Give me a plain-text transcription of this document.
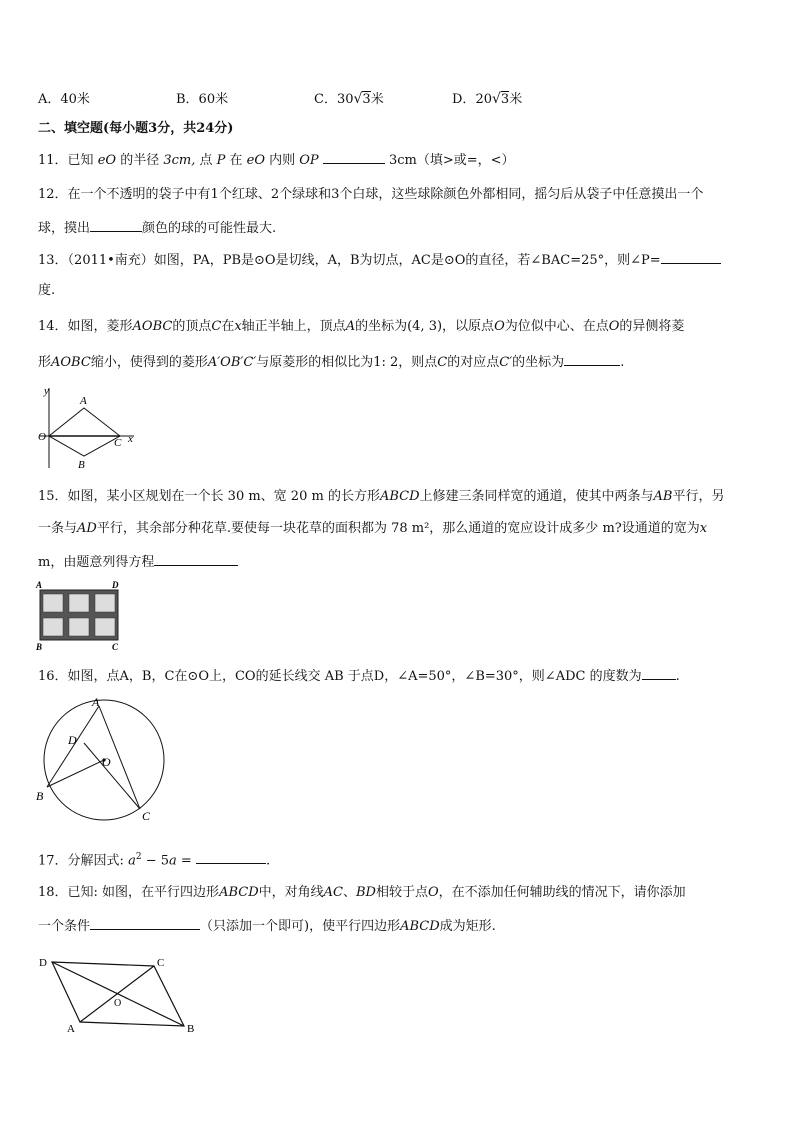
A．40米	B．60米	C．30√3米	D．20√3米
二、填空题(每小题3分，共24分)
11．已知 eO 的半径 3cm, 点 P 在 eO 内则 OP	3cm（填>或=，<）
12．在一个不透明的袋子中有1个红球、2个绿球和3个白球，这些球除颜色外都相同，摇匀后从袋子中任意摸出一个
球，摸出	颜色的球的可能性最大.
13．（2011•南充）如图，PA，PB是⊙O是切线，A，B为切点，AC是⊙O的直径，若∠BAC=25°，则∠P=
度.
14．如图，菱形AOBC的顶点C在x轴正半轴上，顶点A的坐标为(4, 3)，以原点O为位似中心、在点O的异侧将菱
形AOBC缩小，使得到的菱形A′OB′C′与原菱形的相似比为1: 2，则点C的对应点C′的坐标为	.
y
A
O	C x
B
15．如图，某小区规划在一个长 30 m、宽 20 m 的长方形ABCD上修建三条同样宽的通道，使其中两条与AB平行，另
一条与AD平行，其余部分种花草.要使每一块花草的面积都为 78 m²，那么通道的宽应设计成多少 m?设通道的宽为x
m，由题意列得方程
A	D
B	C
16．如图，点A，B，C在⊙O上，CO的延长线交 AB 于点D，∠A=50°，∠B=30°，则∠ADC 的度数为	.
A
D
O
B
C
17．分解因式: $a^2 - 5a$ =	.
18．已知: 如图，在平行四边形ABCD中，对角线AC、BD相较于点O，在不添加任何辅助线的情况下，请你添加
一个条件	（只添加一个即可)，使平行四边形ABCD成为矩形.
D	C
O
A	B
